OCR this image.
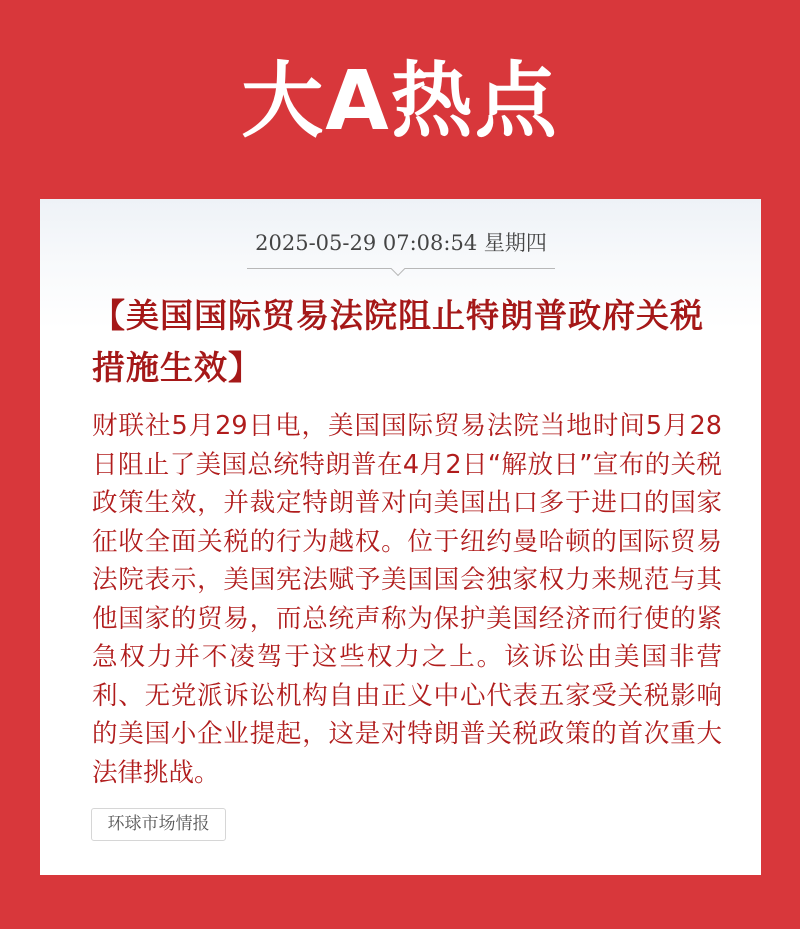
大A热点
2025-05-29 07:08:54 星期四
【美国国际贸易法院阻止特朗普政府关税措施生效】

财联社5月29日电，美国国际贸易法院当地时间5月28日阻止了美国总统特朗普在4月2日“解放日”宣布的关税政策生效，并裁定特朗普对向美国出口多于进口的国家征收全面关税的行为越权。位于纽约曼哈顿的国际贸易法院表示，美国宪法赋予美国国会独家权力来规范与其他国家的贸易，而总统声称为保护美国经济而行使的紧急权力并不凌驾于这些权力之上。该诉讼由美国非营利、无党派诉讼机构自由正义中心代表五家受关税影响的美国小企业提起，这是对特朗普关税政策的首次重大法律挑战。

环球市场情报
